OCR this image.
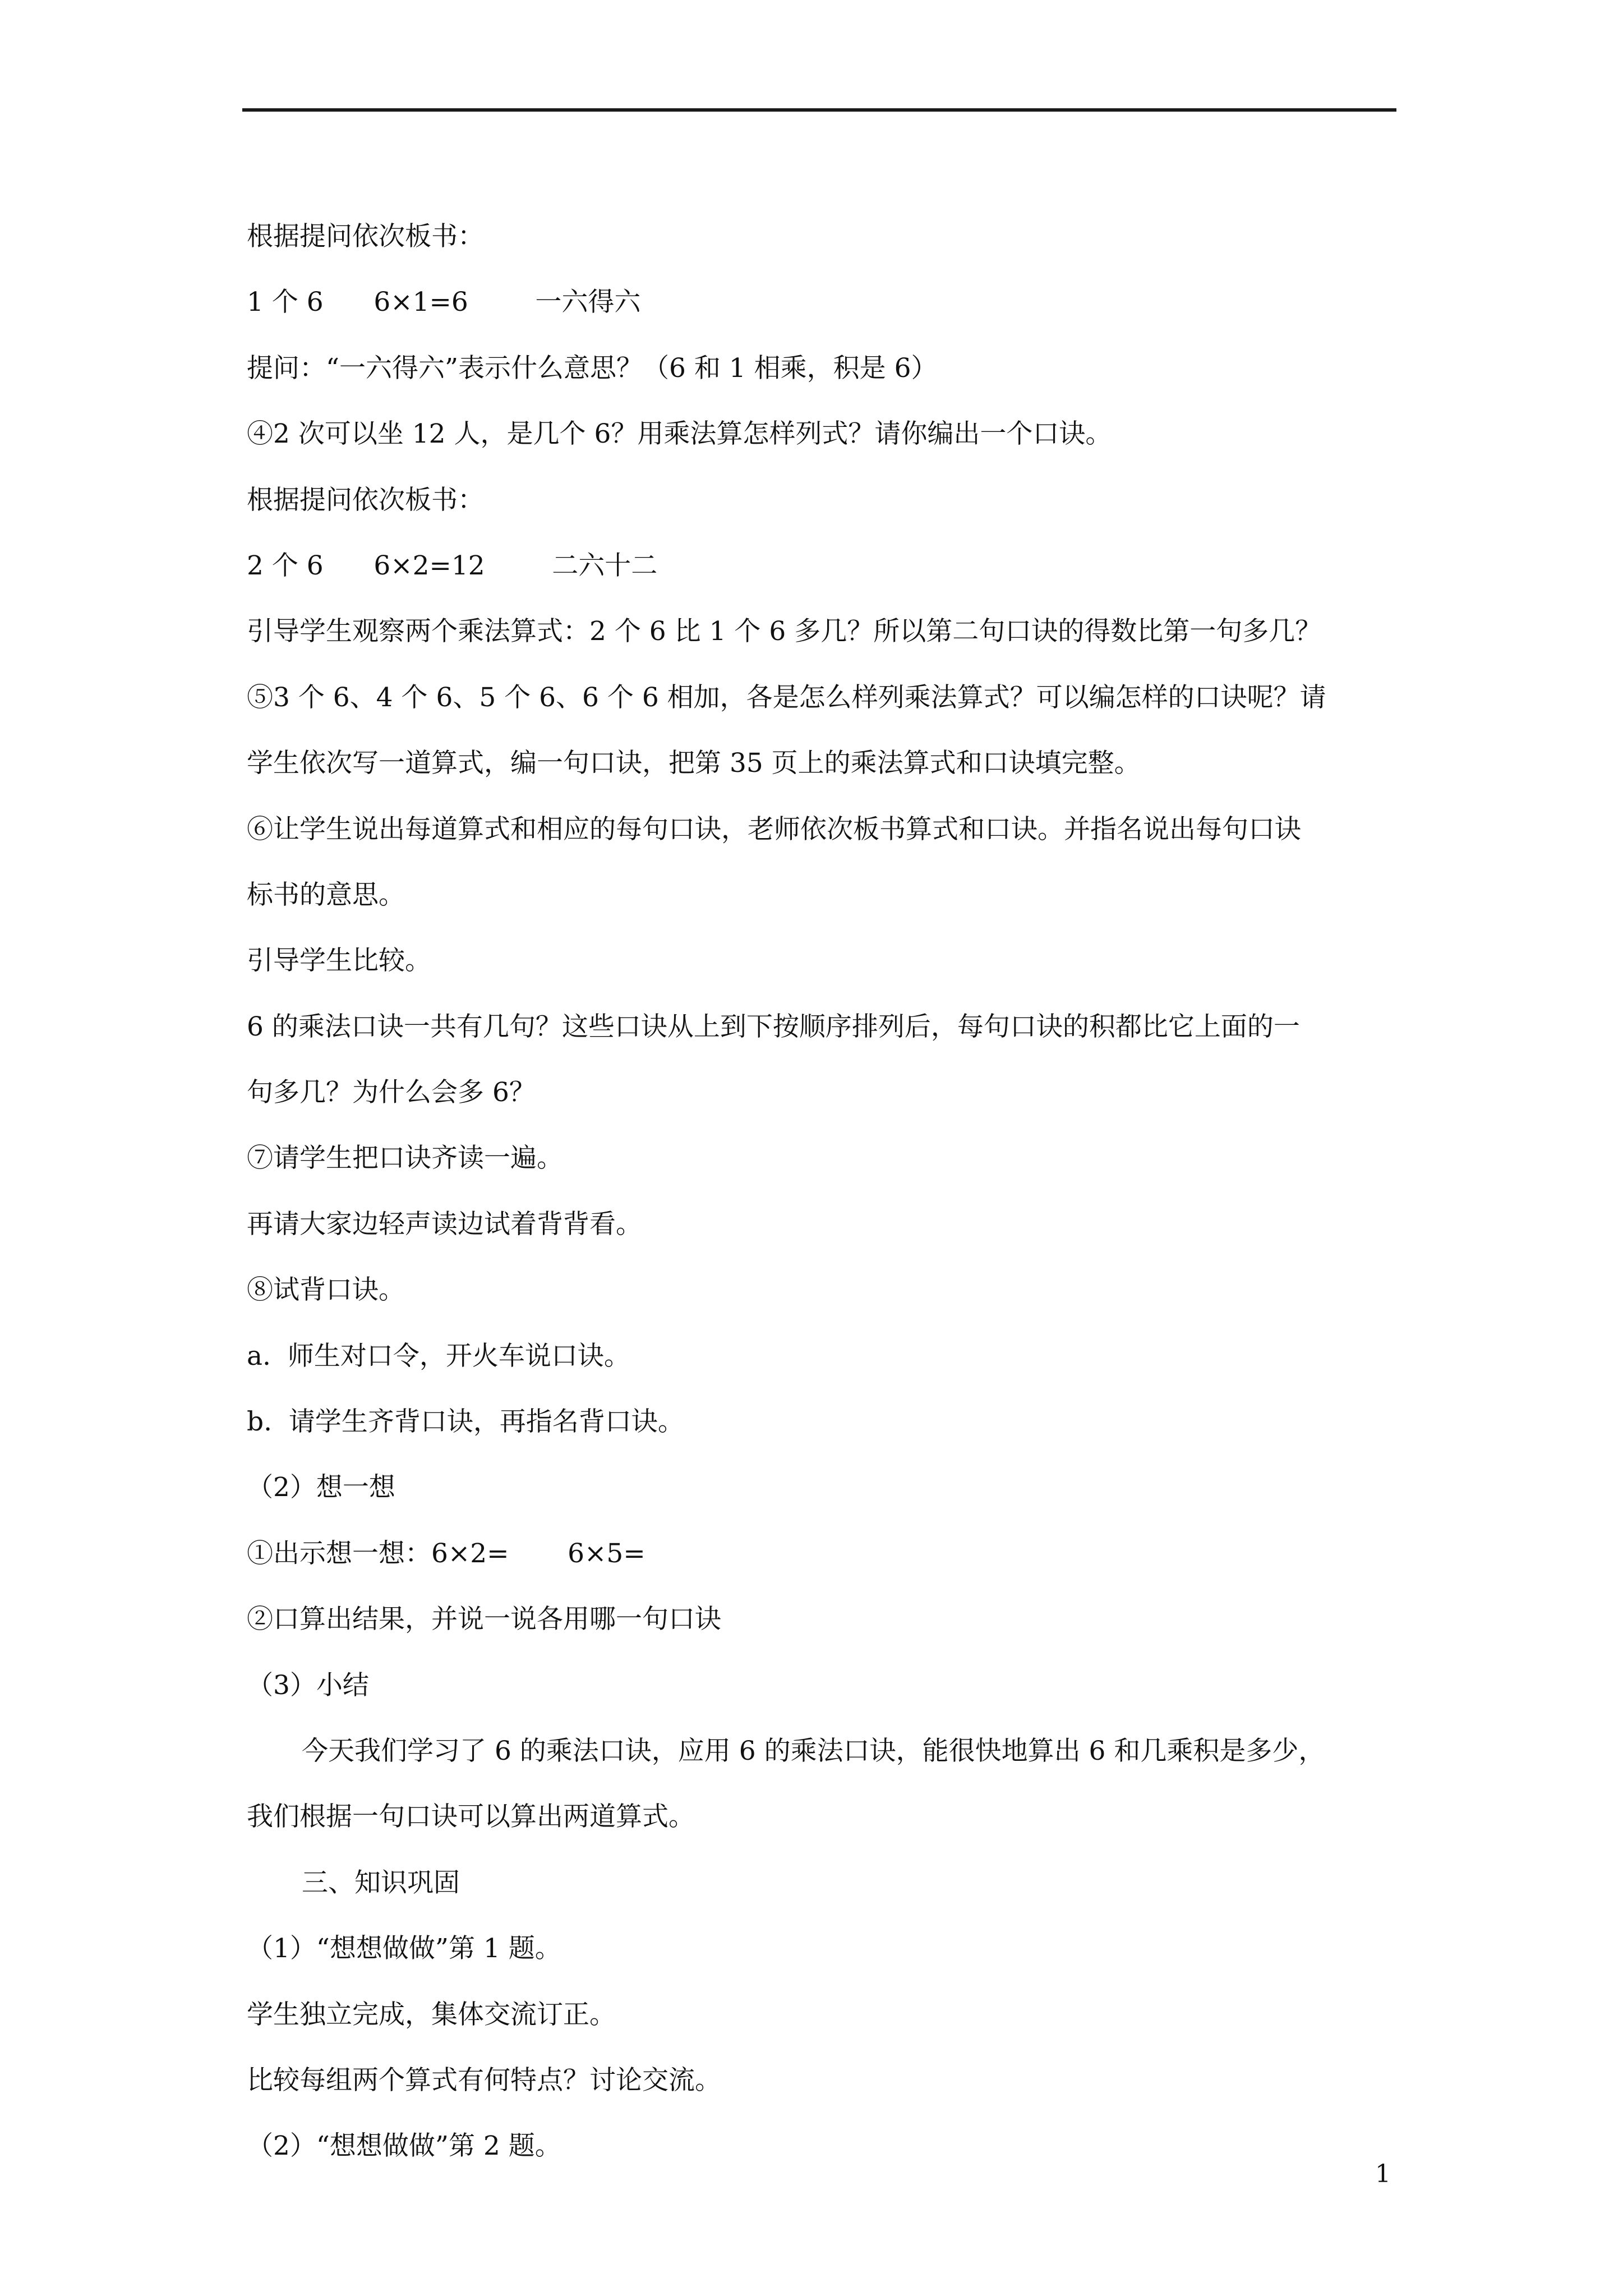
根据提问依次板书：
1 个 6      6×1=6        一六得六
提问：“一六得六”表示什么意思？（6 和 1 相乘，积是 6）
④2 次可以坐 12 人，是几个 6？用乘法算怎样列式？请你编出一个口诀。
根据提问依次板书：
2 个 6      6×2=12        二六十二
引导学生观察两个乘法算式：2 个 6 比 1 个 6 多几？所以第二句口诀的得数比第一句多几？
⑤3 个 6、4 个 6、5 个 6、6 个 6 相加，各是怎么样列乘法算式？可以编怎样的口诀呢？请
学生依次写一道算式，编一句口诀，把第 35 页上的乘法算式和口诀填完整。
⑥让学生说出每道算式和相应的每句口诀，老师依次板书算式和口诀。并指名说出每句口诀
标书的意思。
引导学生比较。
6 的乘法口诀一共有几句？这些口诀从上到下按顺序排列后，每句口诀的积都比它上面的一
句多几？为什么会多 6？
⑦请学生把口诀齐读一遍。
再请大家边轻声读边试着背背看。
⑧试背口诀。
a.  师生对口令，开火车说口诀。
b.  请学生齐背口诀，再指名背口诀。
（2）想一想
①出示想一想：6×2=       6×5=
②口算出结果，并说一说各用哪一句口诀
（3）小结
今天我们学习了 6 的乘法口诀，应用 6 的乘法口诀，能很快地算出 6 和几乘积是多少，
我们根据一句口诀可以算出两道算式。
三、知识巩固
（1）“想想做做”第 1 题。
学生独立完成，集体交流订正。
比较每组两个算式有何特点？讨论交流。
（2）“想想做做”第 2 题。
1
